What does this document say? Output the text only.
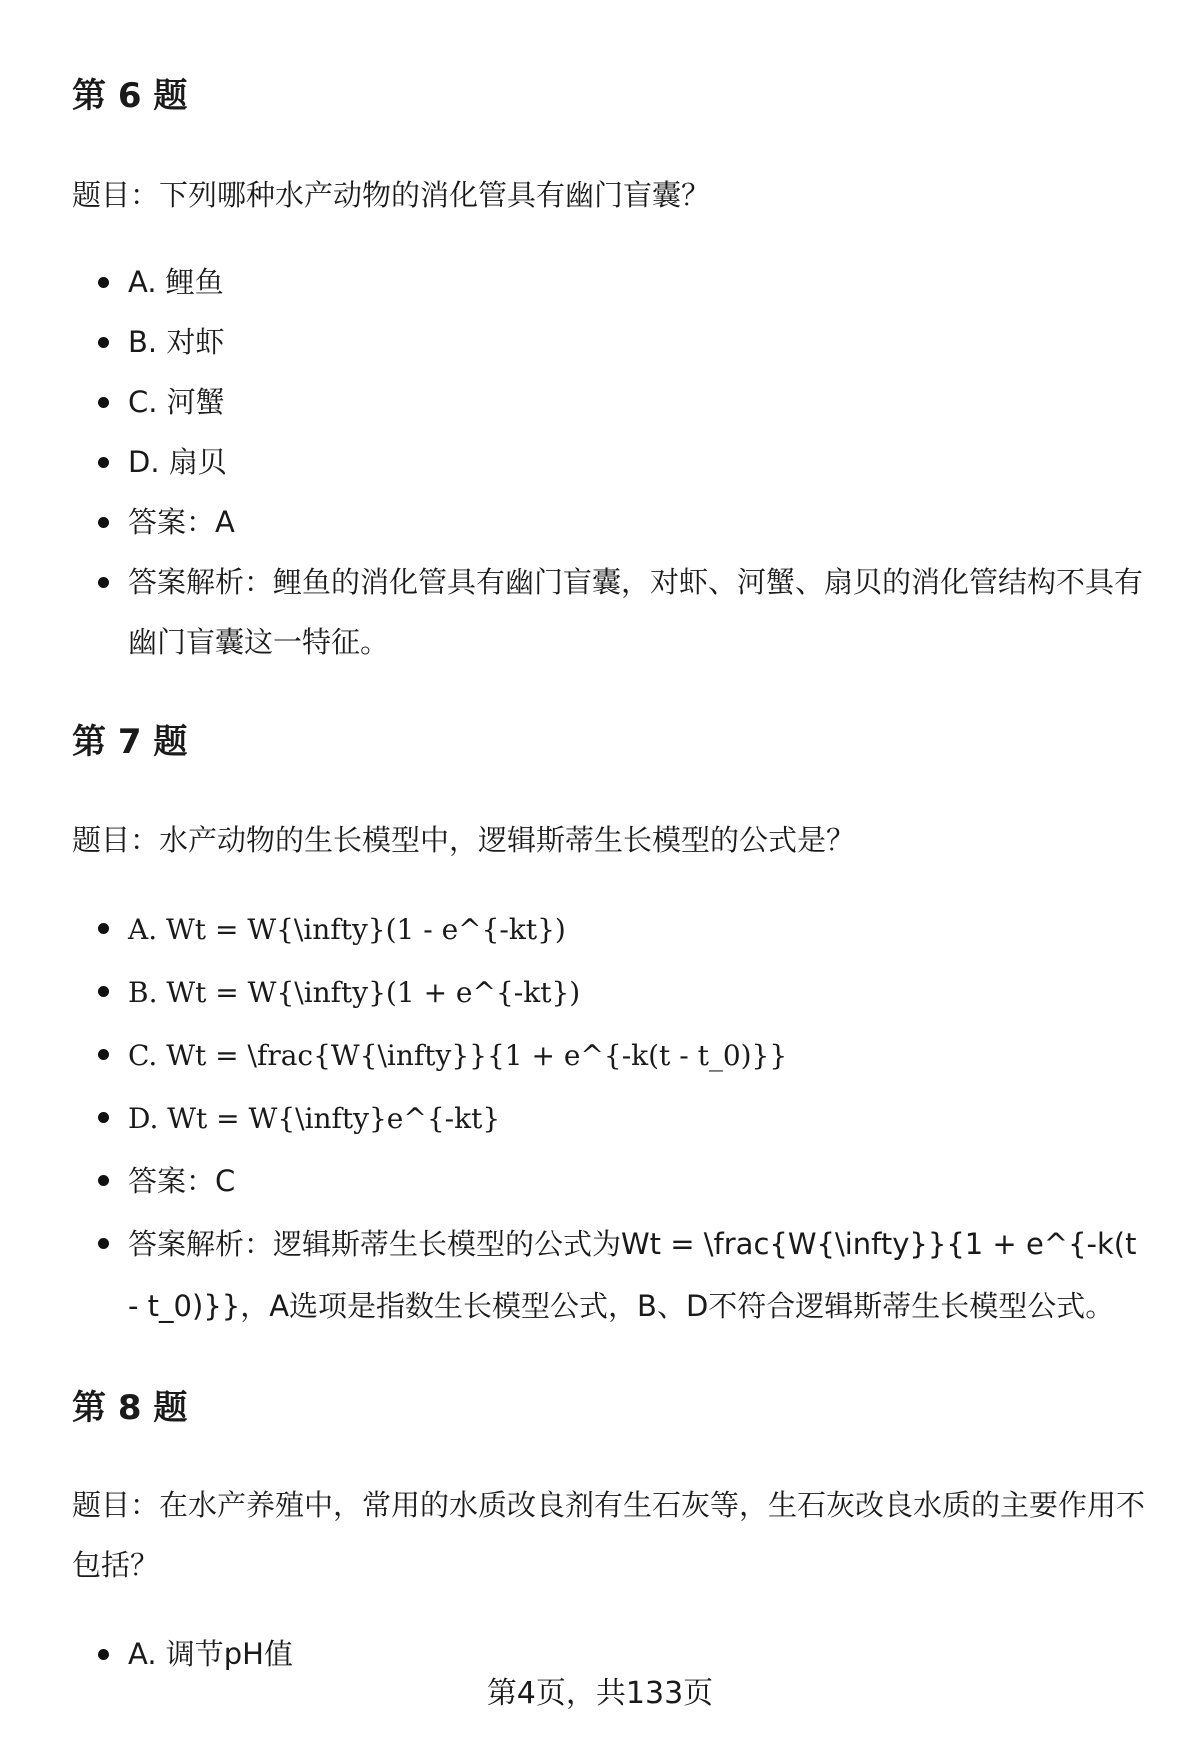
第 6 题

题目：下列哪种水产动物的消化管具有幽门盲囊？

A. 鲤鱼
B. 对虾
C. 河蟹
D. 扇贝
答案：A
答案解析：鲤鱼的消化管具有幽门盲囊，对虾、河蟹、扇贝的消化管结构不具有幽门盲囊这一特征。
第 7 题

题目：水产动物的生长模型中，逻辑斯蒂生长模型的公式是？

A. Wt = W{\infty}(1 - e^{-kt})
B. Wt = W{\infty}(1 + e^{-kt})
C. Wt = \frac{W{\infty}}{1 + e^{-k(t - t_0)}}
D. Wt = W{\infty}e^{-kt}
答案：C
答案解析：逻辑斯蒂生长模型的公式为Wt = \frac{W{\infty}}{1 + e^{-k(t - t_0)}}，A选项是指数生长模型公式，B、D不符合逻辑斯蒂生长模型公式。
第 8 题

题目：在水产养殖中，常用的水质改良剂有生石灰等，生石灰改良水质的主要作用不包括？

A. 调节pH值
第4页，共133页
